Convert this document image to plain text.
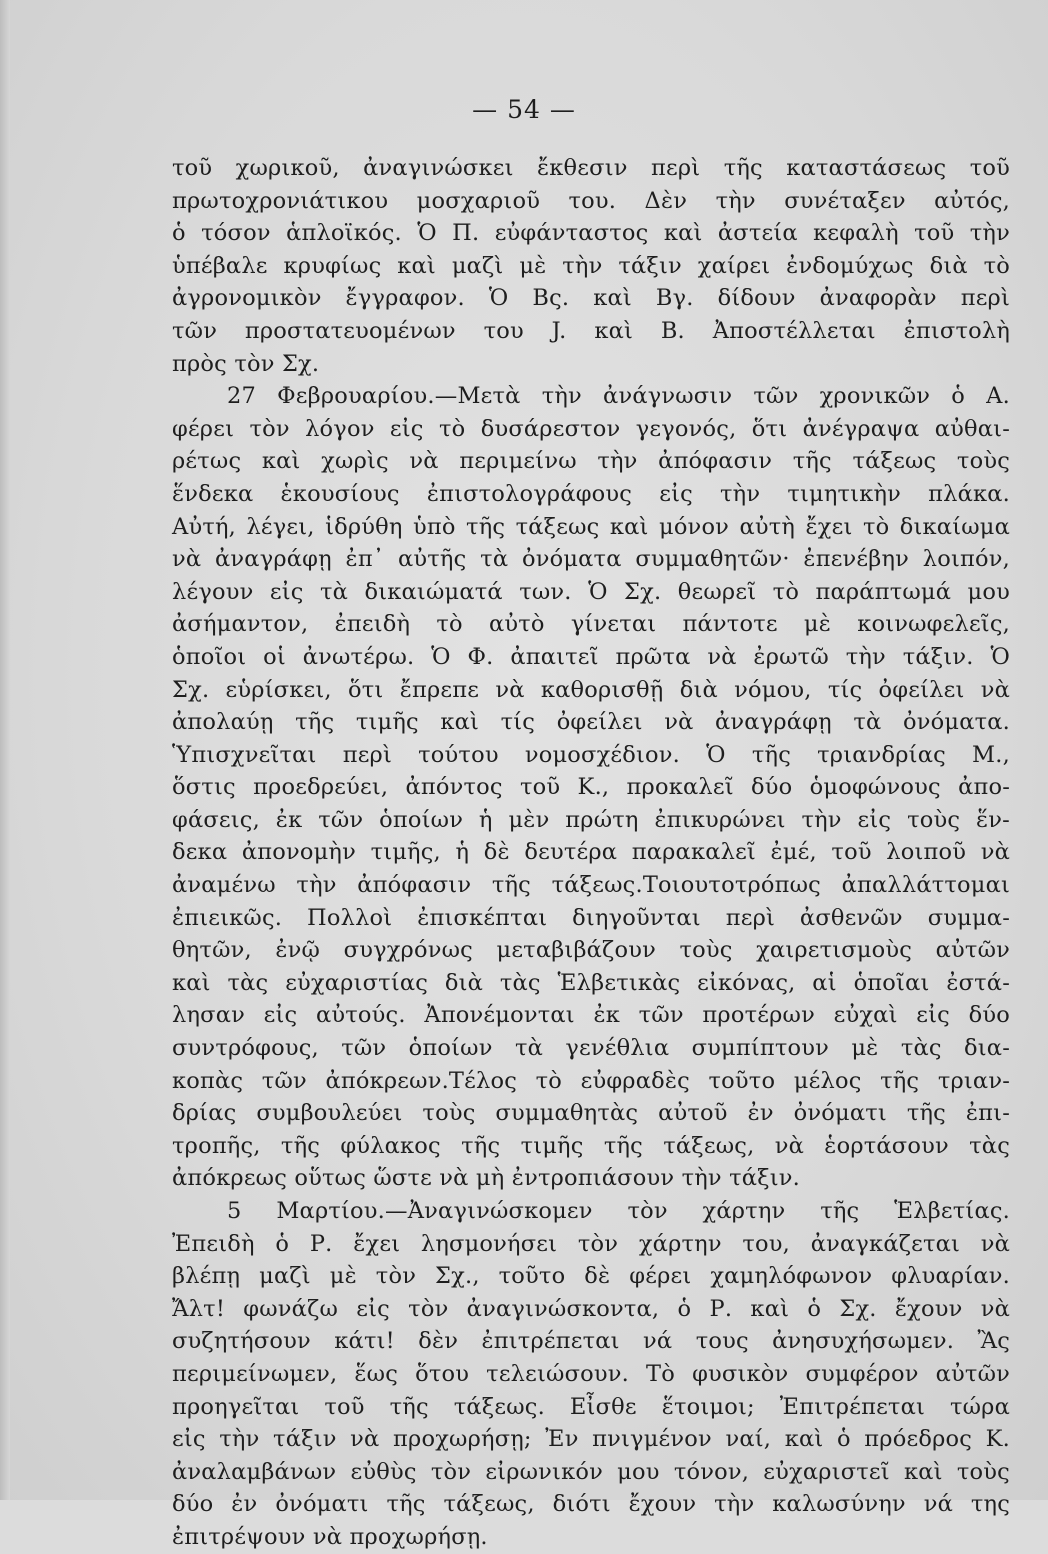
— 54 —
τοῦ χωρικοῦ, ἀναγινώσκει ἔκθεσιν περὶ τῆς καταστάσεως τοῦ
πρωτοχρονιάτικου μοσχαριοῦ του. Δὲν τὴν συνέταξεν αὐτός,
ὁ τόσον ἁπλοϊκός. Ὁ Π. εὐφάνταστος καὶ ἀστεία κεφαλὴ τοῦ τὴν
ὑπέβαλε κρυφίως καὶ μαζὶ μὲ τὴν τάξιν χαίρει ἐνδομύχως διὰ τὸ
ἀγρονομικὸν ἔγγραφον. Ὁ Βς. καὶ Βγ. δίδουν ἀναφορὰν περὶ
τῶν προστατευομένων του J. καὶ B. Ἀποστέλλεται ἐπιστολὴ
πρὸς τὸν Σχ.
27 Φεβρουαρίου.—Μετὰ τὴν ἀνάγνωσιν τῶν χρονικῶν ὁ Α.
φέρει τὸν λόγον εἰς τὸ δυσάρεστον γεγονός, ὅτι ἀνέγραψα αὐθαι-
ρέτως καὶ χωρὶς νὰ περιμείνω τὴν ἀπόφασιν τῆς τάξεως τοὺς
ἕνδεκα ἑκουσίους ἐπιστολογράφους εἰς τὴν τιμητικὴν πλάκα.
Αὐτή, λέγει, ἱδρύθη ὑπὸ τῆς τάξεως καὶ μόνον αὐτὴ ἔχει τὸ δικαίωμα
νὰ ἀναγράφῃ ἐπ᾽ αὐτῆς τὰ ὀνόματα συμμαθητῶν· ἐπενέβην λοιπόν,
λέγουν εἰς τὰ δικαιώματά των. Ὁ Σχ. θεωρεῖ τὸ παράπτωμά μου
ἀσήμαντον, ἐπειδὴ τὸ αὐτὸ γίνεται πάντοτε μὲ κοινωφελεῖς,
ὁποῖοι οἱ ἀνωτέρω. Ὁ Φ. ἀπαιτεῖ πρῶτα νὰ ἐρωτῶ τὴν τάξιν. Ὁ
Σχ. εὑρίσκει, ὅτι ἔπρεπε νὰ καθορισθῇ διὰ νόμου, τίς ὀφείλει νὰ
ἀπολαύῃ τῆς τιμῆς καὶ τίς ὀφείλει νὰ ἀναγράφῃ τὰ ὀνόματα.
Ὑπισχνεῖται περὶ τούτου νομοσχέδιον. Ὁ τῆς τριανδρίας Μ.,
ὅστις προεδρεύει, ἀπόντος τοῦ Κ., προκαλεῖ δύο ὁμοφώνους ἀπο-
φάσεις, ἐκ τῶν ὁποίων ἡ μὲν πρώτη ἐπικυρώνει τὴν εἰς τοὺς ἕν-
δεκα ἀπονομὴν τιμῆς, ἡ δὲ δευτέρα παρακαλεῖ ἐμέ, τοῦ λοιποῦ νὰ
ἀναμένω τὴν ἀπόφασιν τῆς τάξεως.Τοιουτοτρόπως ἀπαλλάττομαι
ἐπιεικῶς. Πολλοὶ ἐπισκέπται διηγοῦνται περὶ ἀσθενῶν συμμα-
θητῶν, ἐνῷ συγχρόνως μεταβιβάζουν τοὺς χαιρετισμοὺς αὐτῶν
καὶ τὰς εὐχαριστίας διὰ τὰς Ἑλβετικὰς εἰκόνας, αἱ ὁποῖαι ἐστά-
λησαν εἰς αὐτούς. Ἀπονέμονται ἐκ τῶν προτέρων εὐχαὶ εἰς δύο
συντρόφους, τῶν ὁποίων τὰ γενέθλια συμπίπτουν μὲ τὰς δια-
κοπὰς τῶν ἀπόκρεων.Τέλος τὸ εὐφραδὲς τοῦτο μέλος τῆς τριαν-
δρίας συμβουλεύει τοὺς συμμαθητὰς αὐτοῦ ἐν ὀνόματι τῆς ἐπι-
τροπῆς, τῆς φύλακος τῆς τιμῆς τῆς τάξεως, νὰ ἑορτάσουν τὰς
ἀπόκρεως οὕτως ὥστε νὰ μὴ ἐντροπιάσουν τὴν τάξιν.
5 Μαρτίου.—Ἀναγινώσκομεν τὸν χάρτην τῆς Ἑλβετίας.
Ἐπειδὴ ὁ Ρ. ἔχει λησμονήσει τὸν χάρτην του, ἀναγκάζεται νὰ
βλέπῃ μαζὶ μὲ τὸν Σχ., τοῦτο δὲ φέρει χαμηλόφωνον φλυαρίαν.
Ἄλτ! φωνάζω εἰς τὸν ἀναγινώσκοντα, ὁ Ρ. καὶ ὁ Σχ. ἔχουν νὰ
συζητήσουν κάτι! δὲν ἐπιτρέπεται νά τους ἀνησυχήσωμεν. Ἂς
περιμείνωμεν, ἕως ὅτου τελειώσουν. Τὸ φυσικὸν συμφέρον αὐτῶν
προηγεῖται τοῦ τῆς τάξεως. Εἶσθε ἕτοιμοι; Ἐπιτρέπεται τώρα
εἰς τὴν τάξιν νὰ προχωρήσῃ; Ἐν πνιγμένον ναί, καὶ ὁ πρόεδρος Κ.
ἀναλαμβάνων εὐθὺς τὸν εἰρωνικόν μου τόνον, εὐχαριστεῖ καὶ τοὺς
δύο ἐν ὀνόματι τῆς τάξεως, διότι ἔχουν τὴν καλωσύνην νά της
ἐπιτρέψουν νὰ προχωρήσῃ.
